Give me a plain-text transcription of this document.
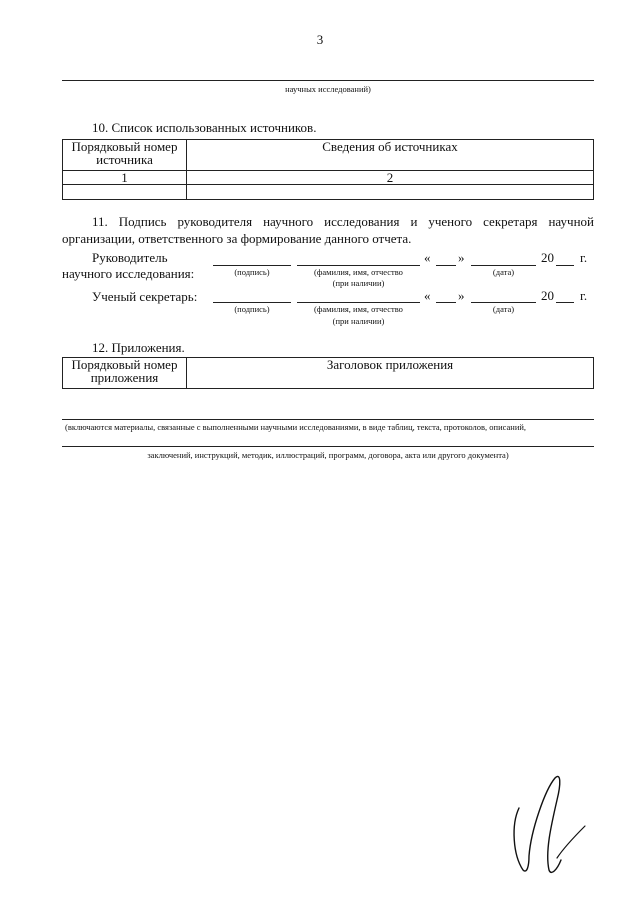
3
научных исследований)
10. Список использованных источников.
Порядковый номер источника	Сведения об источниках
1	2

11. Подпись руководителя научного исследования и ученого секретаря научной
организации, ответственного за формирование данного отчета.
Руководитель
научного исследования:
« »	20 г.
(подпись)	(фамилия, имя, отчество
(при наличии)
(дата)
Ученый секретарь:	« »	20 г.
(подпись)	(фамилия, имя, отчество
(при наличии)
(дата)
12. Приложения.
Порядковый номер приложения	Заголовок приложения
(включаются материалы, связанные с выполненными научными исследованиями, в виде таблиц, текста, протоколов, описаний,
заключений, инструкций, методик, иллюстраций, программ, договора, акта или другого документа)
